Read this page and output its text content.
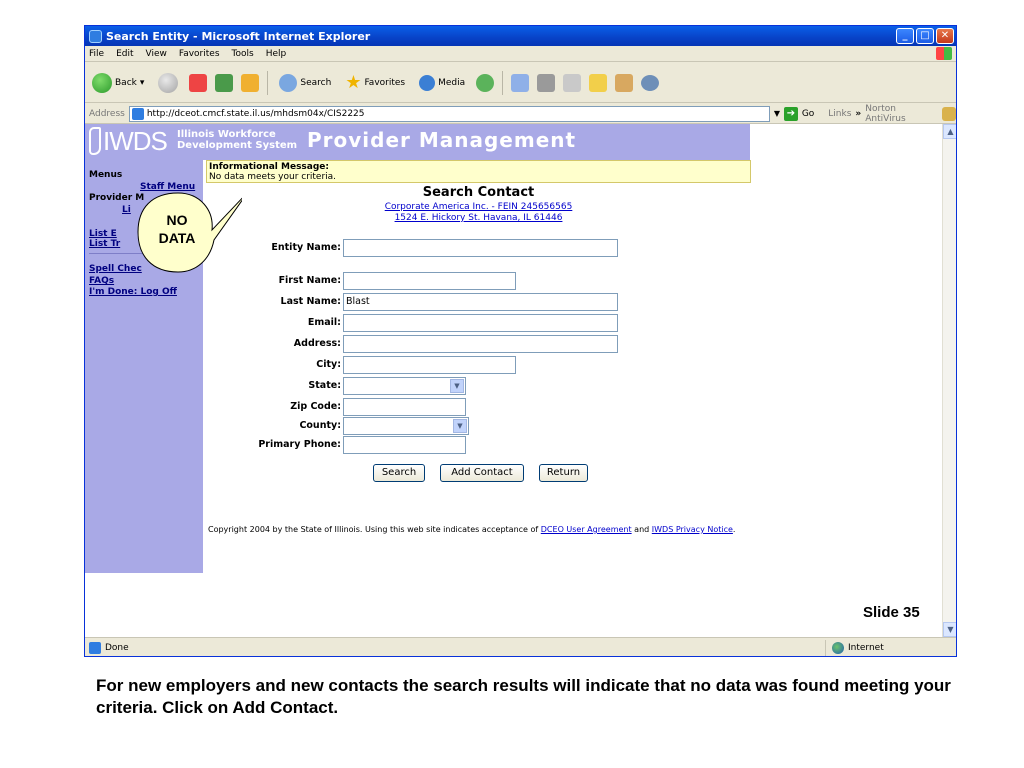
Search Entity - Microsoft Internet Explorer	_	□	✕
File Edit View Favorites Tools Help
Back ▾	Search ★ Favorites	Media
Address http://dceot.cmcf.state.il.us/mhdsm04x/CIS2225	▼ ➔ Go Links » Norton AntiVirus
IWDS Illinois Workforce
Development System Provider Management
Menus
Staff Menu
Provider M
Li
List E
List Tr
Spell Chec
FAQs
I'm Done: Log Off
Informational Message:
No data meets your criteria.
Search Contact
Corporate America Inc. - FEIN 245656565
1524 E. Hickory St. Havana, IL 61446
Entity Name:
First Name:
Last Name: Blast
Email:
Address:
City:
State:	▼
Zip Code:
County:	▼
Primary Phone:
Search	Add Contact	Return
Copyright 2004 by the State of Illinois. Using this web site indicates acceptance of DCEO User Agreement and IWDS Privacy Notice.
▲
▼
Done	Internet
NO
DATA
Slide 35
For new employers and new contacts the search results will indicate that no data was found meeting your criteria. Click on Add Contact.
